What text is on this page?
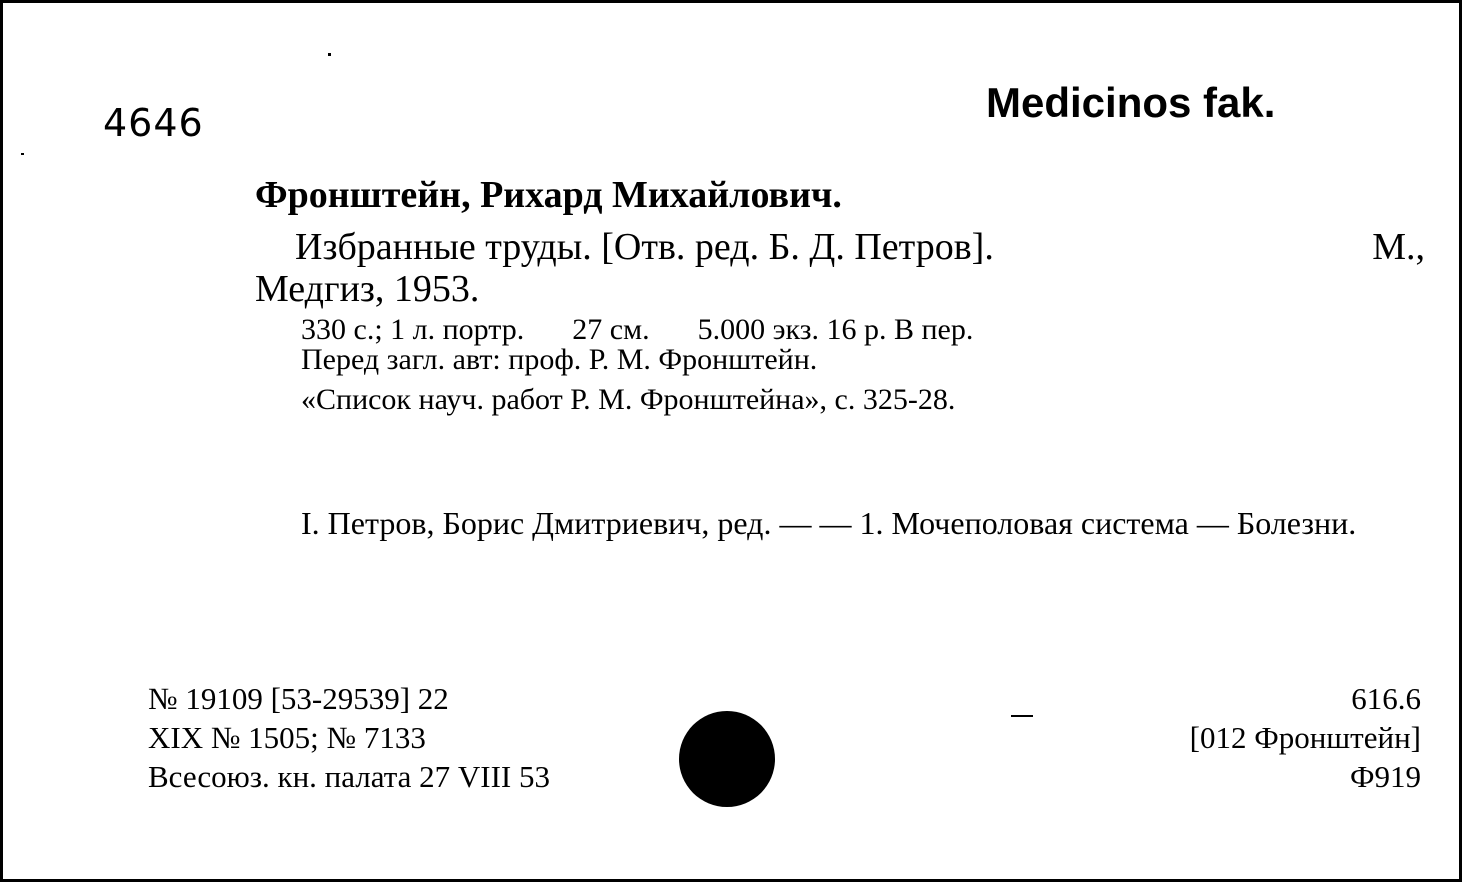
4646	Medicinos fak.
Фронштейн, Рихард Михайлович.
Избранные труды. [Отв. ред. Б. Д. Петров].	М.,
Медгиз, 1953.
330 с.; 1 л. портр. 27 см. 5.000 экз. 16 р. В пер.
Перед загл. авт: проф. Р. М. Фронштейн.
«Список науч. работ Р. М. Фронштейна», с. 325-28.
I. Петров, Борис Дмитриевич, ред. — — 1. Мочеполовая система — Болезни.
№ 19109 [53-29539] 22
XIX № 1505; № 7133
Всесоюз. кн. палата 27 VIII 53
616.6
[012 Фронштейн]
Ф919
